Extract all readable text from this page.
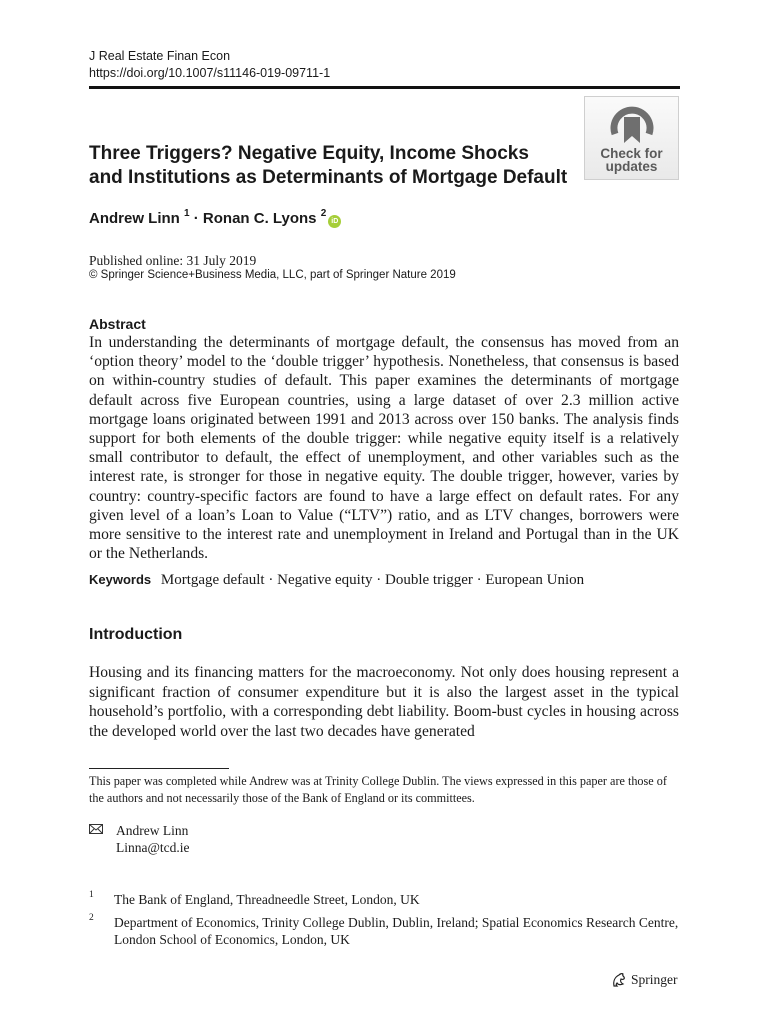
J Real Estate Finan Econ
https://doi.org/10.1007/s11146-019-09711-1
Check for
updates
Three Triggers? Negative Equity, Income Shocks
and Institutions as Determinants of Mortgage Default
Andrew Linn
$^1$
·
Ronan C. Lyons
$^2$
iD
Published online: 31 July 2019
© Springer Science+Business Media, LLC, part of Springer Nature 2019
Abstract
In understanding the determinants of mortgage default, the consensus has moved from an ‘option theory’ model to the ‘double trigger’ hypothesis. Nonetheless, that consensus is based on within-country studies of default. This paper examines the determinants of mortgage default across five European countries, using a large dataset of over 2.3 million active mortgage loans originated between 1991 and 2013 across over 150 banks. The analysis finds support for both elements of the double trigger: while negative equity itself is a relatively small contributor to default, the effect of unemployment, and other variables such as the interest rate, is stronger for those in negative equity. The double trigger, however, varies by country: country-specific factors are found to have a large effect on default rates. For any given level of a loan’s Loan to Value (“LTV”) ratio, and as LTV changes, borrowers were more sensitive to the interest rate and unemployment in Ireland and Portugal than in the UK or the Netherlands.
Keywords Mortgage default · Negative equity · Double trigger · European Union
Introduction
Housing and its financing matters for the macroeconomy. Not only does housing represent a significant fraction of consumer expenditure but it is also the largest asset in the typical household’s portfolio, with a corresponding debt liability. Boom-bust cycles in housing across the developed world over the last two decades have generated
This paper was completed while Andrew was at Trinity College Dublin. The views expressed in this paper are those of the authors and not necessarily those of the Bank of England or its committees.
Andrew Linn
Linna@tcd.ie
1 The Bank of England, Threadneedle Street, London, UK
2 Department of Economics, Trinity College Dublin, Dublin, Ireland; Spatial Economics Research Centre, London School of Economics, London, UK
Springer
